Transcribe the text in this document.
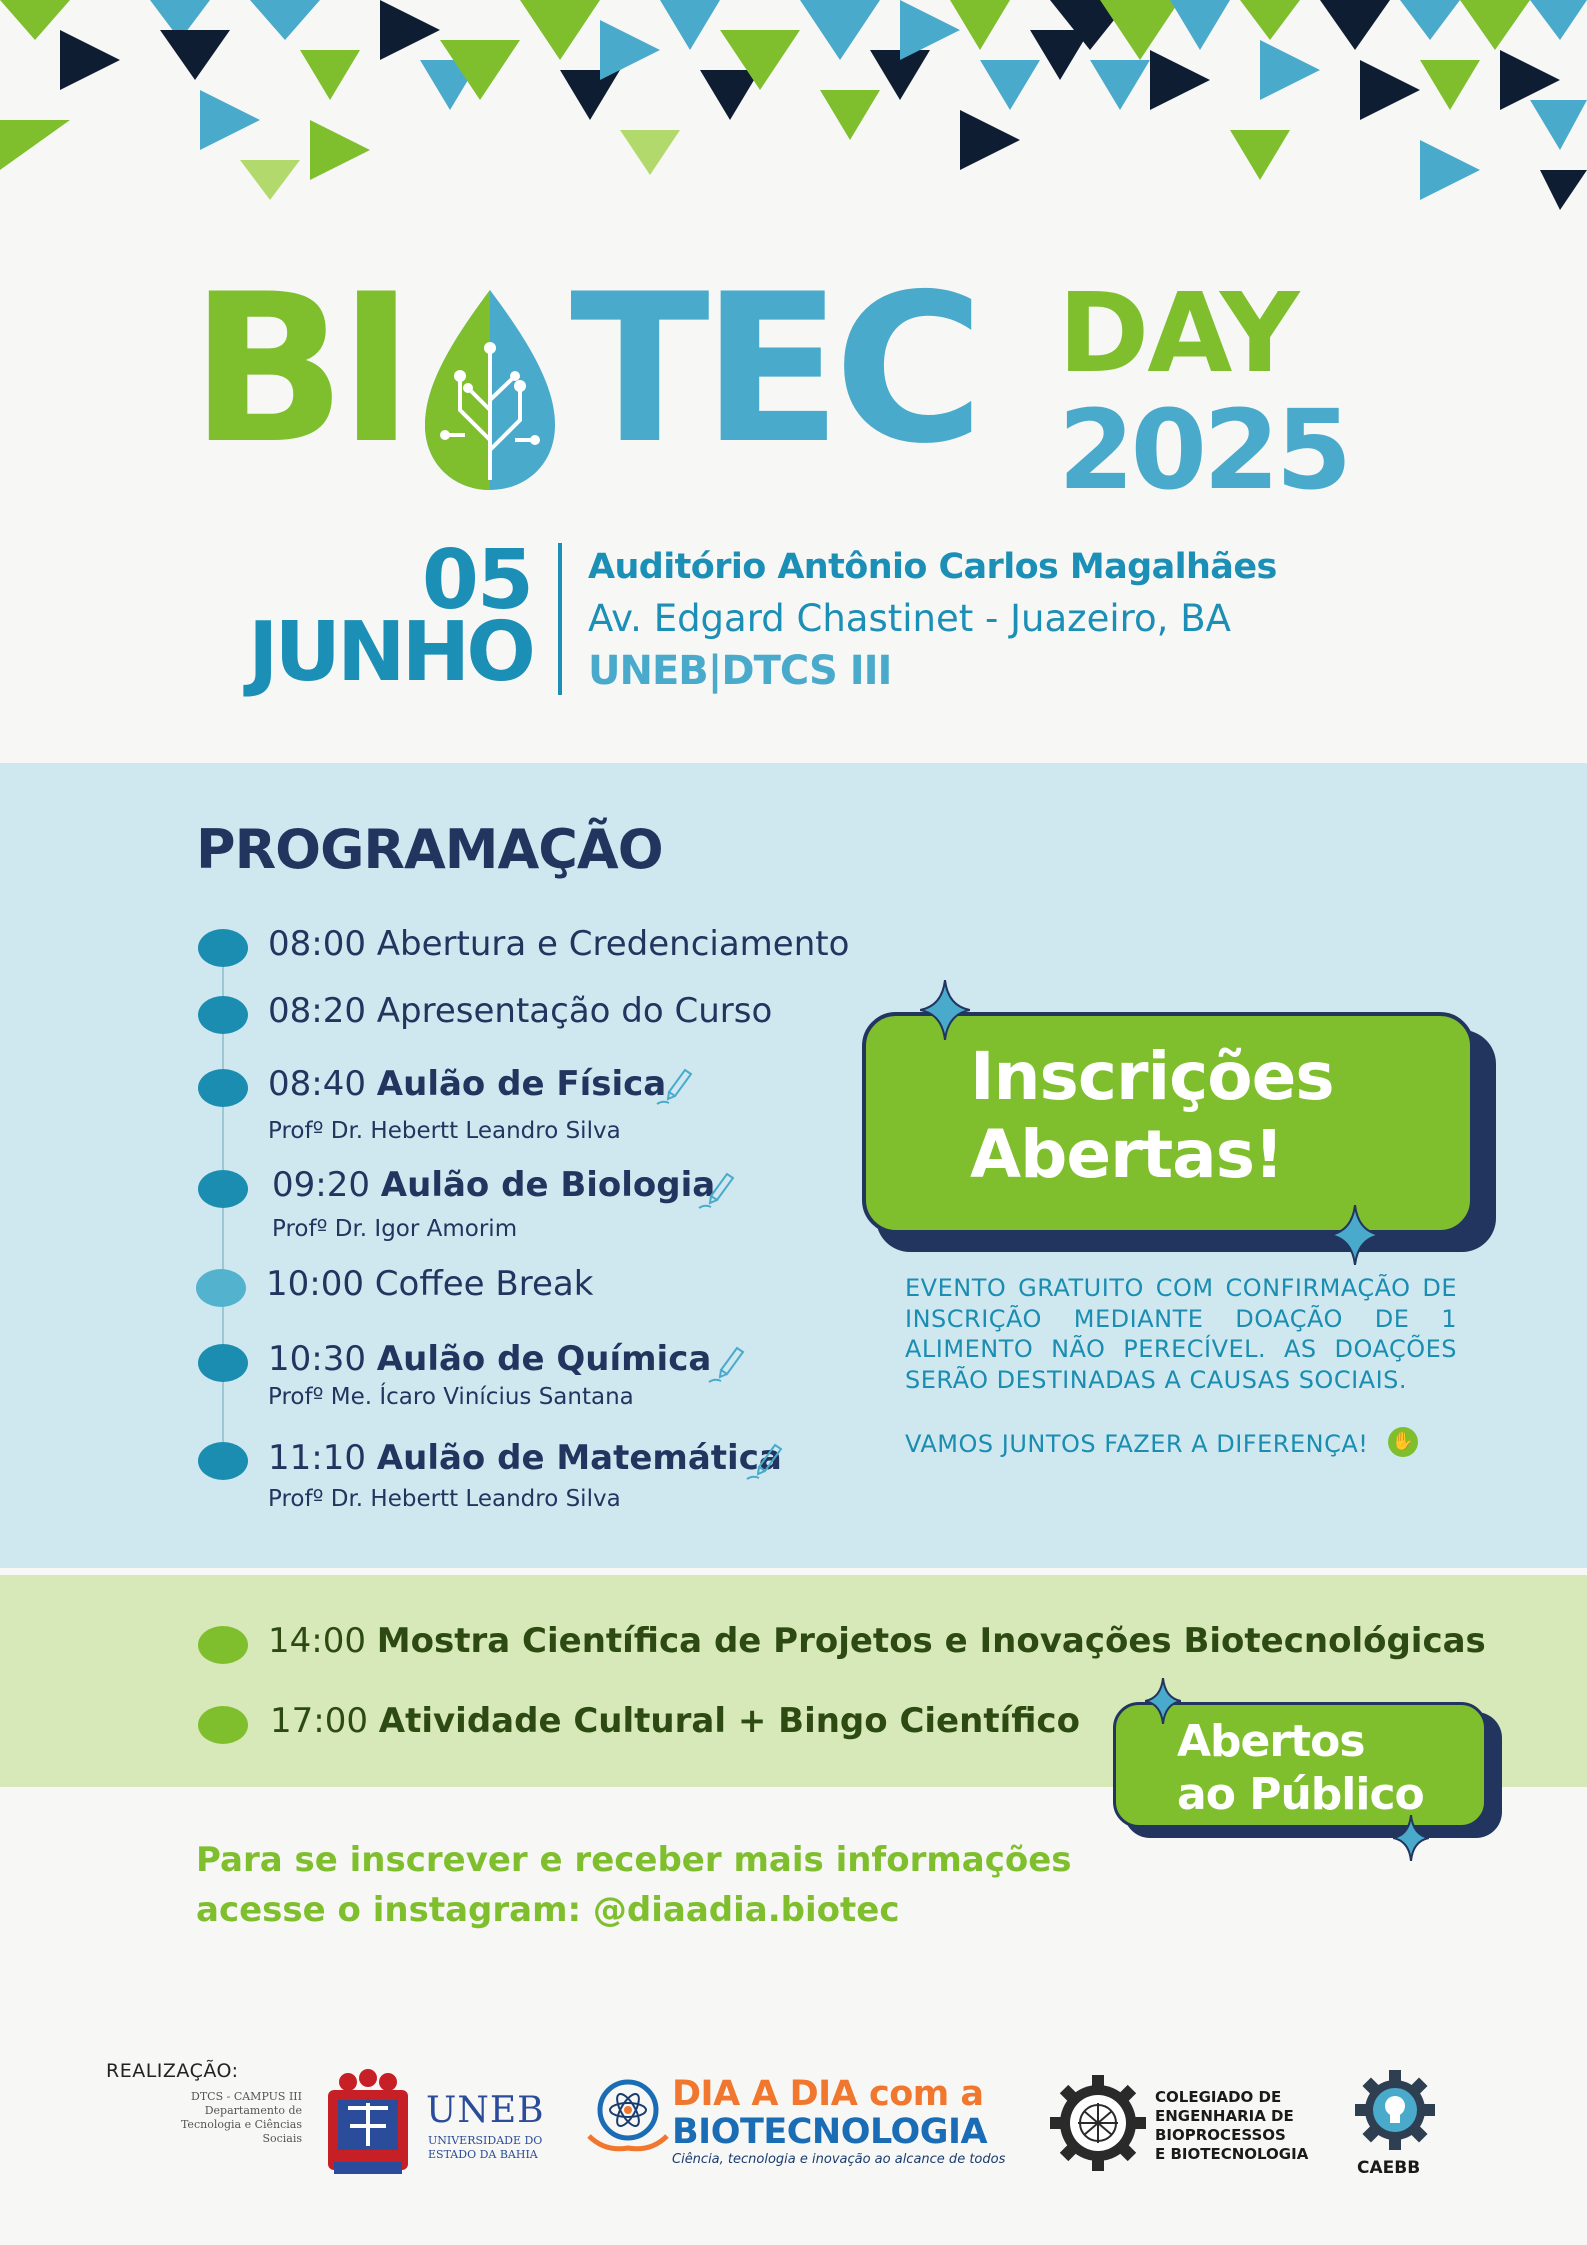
BI TEC DAY
2025
05
JUNHO
Auditório Antônio Carlos Magalhães
Av. Edgard Chastinet - Juazeiro, BA
UNEB|DTCS III
PROGRAMAÇÃO
08:00 Abertura e Credenciamento
08:20 Apresentação do Curso
08:40 Aulão de Física
Profº Dr. Hebertt Leandro Silva
09:20 Aulão de Biologia
Profº Dr. Igor Amorim
10:00 Coffee Break
10:30 Aulão de Química
Profº Me. Ícaro Vinícius Santana
11:10 Aulão de Matemática
Profº Dr. Hebertt Leandro Silva
Inscrições
Abertas!
EVENTO GRATUITO COM CONFIRMAÇÃO DE INSCRIÇÃO MEDIANTE DOAÇÃO DE 1 ALIMENTO NÃO PERECÍVEL. AS DOAÇÕES SERÃO DESTINADAS A CAUSAS SOCIAIS.
VAMOS JUNTOS FAZER A DIFERENÇA! ✋
14:00 Mostra Científica de Projetos e Inovações Biotecnológicas
17:00 Atividade Cultural + Bingo Científico Abertos
ao Público
Para se inscrever e receber mais informações
acesse o instagram: @diaadia.biotec
REALIZAÇÃO:
DTCS - CAMPUS III Departamento de Tecnologia e Ciências Sociais
UNEB
UNIVERSIDADE DO
ESTADO DA BAHIA
DIA A DIA com a
BIOTECNOLOGIA
Ciência, tecnologia e inovação ao alcance de todos
COLEGIADO DE
ENGENHARIA DE
BIOPROCESSOS
E BIOTECNOLOGIA
CAEBB
